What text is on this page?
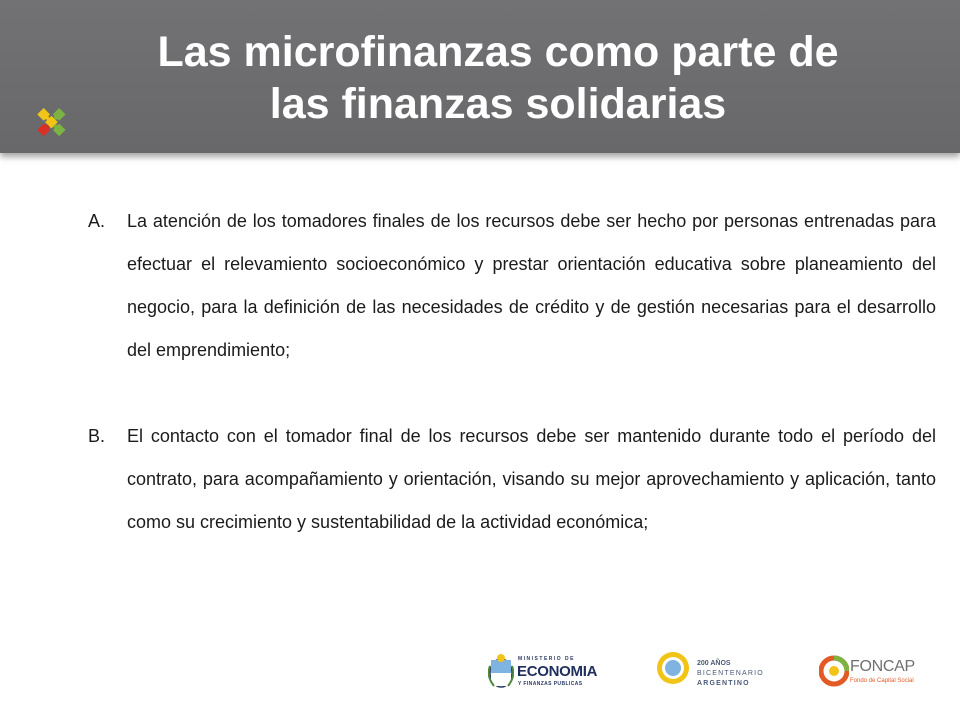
Las microfinanzas como parte de
las finanzas solidarias
A.	La atención de los tomadores finales de los recursos debe ser hecho por personas entrenadas para efectuar el relevamiento socioeconómico y prestar orientación educativa sobre planeamiento del negocio, para la definición de las necesidades de crédito y de gestión necesarias para el desarrollo del emprendimiento;
B.	El contacto con el tomador final de los recursos debe ser mantenido durante todo el período del contrato, para acompañamiento y orientación, visando su mejor aprovechamiento y aplicación, tanto como su crecimiento y sustentabilidad de la actividad económica;
MINISTERIO DE
ECONOMIA
Y FINANZAS PUBLICAS
200 AÑOS
BICENTENARIO
ARGENTINO
FONCAP
Fondo de Capital Social
